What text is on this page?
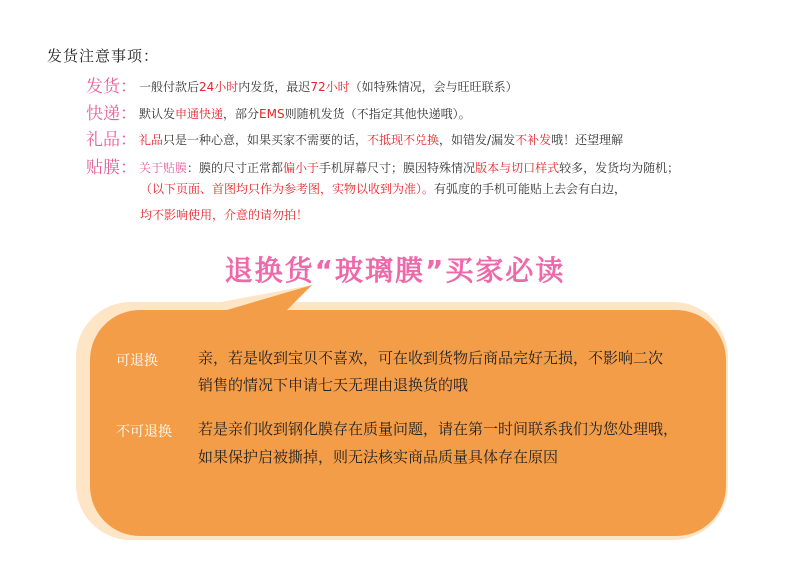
发货注意事项：
发货： 一般付款后24小时内发货，最迟72小时（如特殊情况，会与旺旺联系）
快递： 默认发申通快递，部分EMS则随机发货（不指定其他快递哦）。
礼品： 礼品只是一种心意，如果买家不需要的话，不抵现不兑换，如错发/漏发不补发哦！还望理解
贴膜： 关于贴膜：膜的尺寸正常都偏小于手机屏幕尺寸；膜因特殊情况版本与切口样式较多，发货均为随机；
（以下页面、首图均只作为参考图，实物以收到为准）。有弧度的手机可能贴上去会有白边，
均不影响使用，介意的请勿拍！
退换货“玻璃膜”买家必读
可退换	亲，若是收到宝贝不喜欢，可在收到货物后商品完好无损，不影响二次
销售的情况下申请七天无理由退换货的哦
不可退换 若是亲们收到钢化膜存在质量问题，请在第一时间联系我们为您处理哦，
如果保护启被撕掉，则无法核实商品质量具体存在原因
